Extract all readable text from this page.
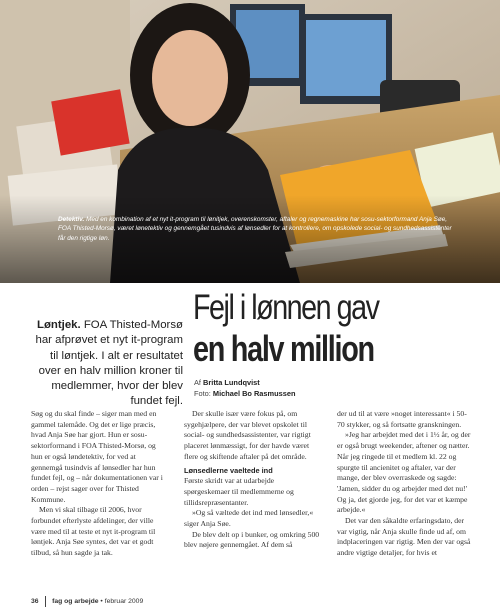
Detektiv. Med en kombination af et nyt it-program til lønitjek, overenskomster, aftaler og regnemaskine har sosu-sektorformand Anja Søe, FOA Thisted-Morsø, været lønetektiv og gennemgået tusindvis af lønsedler for at kontrollere, om opskolede social- og sundhedsassistenter får den rigtige løn.
Løntjek. FOA Thisted-Morsø har afprøvet et nyt it-program til løntjek. I alt er resultatet over en halv million kroner til medlemmer, hvor der blev fundet fejl.
Fejl i lønnen gav
en halv million
Af Britta Lundqvist
Foto: Michael Bo Rasmussen

Søg og du skal finde – siger man med en gammel talemåde. Og det er lige præcis, hvad Anja Søe har gjort. Hun er sosu-sektorformand i FOA Thisted-Morsø, og hun er også løndetektiv, for ved at gennemgå tusindvis af lønsedler har hun fundet fejl, og – når dokumentationen var i orden – rejst sager over for Thisted Kommune.

Men vi skal tilbage til 2006, hvor forbundet efterlyste afdelinger, der ville være med til at teste et nyt it-program til løntjek. Anja Søe syntes, det var et godt tilbud, så hun sagde ja tak.

Der skulle især være fokus på, om sygehjælpere, der var blevet opskolet til social- og sundhedsassistenter, var rigtigt placeret lønmæssigt, for der havde været flere og skiftende aftaler på det område.

Lønsedlerne vaeltede ind

Første skridt var at udarbejde spørgeskemaer til medlemmerne og tillidsrepræsentanter.

»Og så væltede det ind med lønsedler,« siger Anja Søe.

De blev delt op i bunker, og omkring 500 blev nøjere gennemgået. Af dem så

der ud til at være »noget interessant« i 50-70 stykker, og så fortsatte granskningen.

»Jeg har arbejdet med det i 1½ år, og der er også brugt weekender, aftener og nætter. Når jeg ringede til et medlem kl. 22 og spurgte til ancienitet og aftaler, var der mange, der blev overraskede og sagde: 'Jamen, sidder du og arbejder med det nu!' Og ja, det gjorde jeg, for det var et kæmpe arbejde.«

Det var den såkaldte erfaringsdato, der var vigtig, når Anja skulle finde ud af, om indplaceringen var rigtig. Men der var også andre vigtige detaljer, for hvis et

36 fag og arbejde • februar 2009
